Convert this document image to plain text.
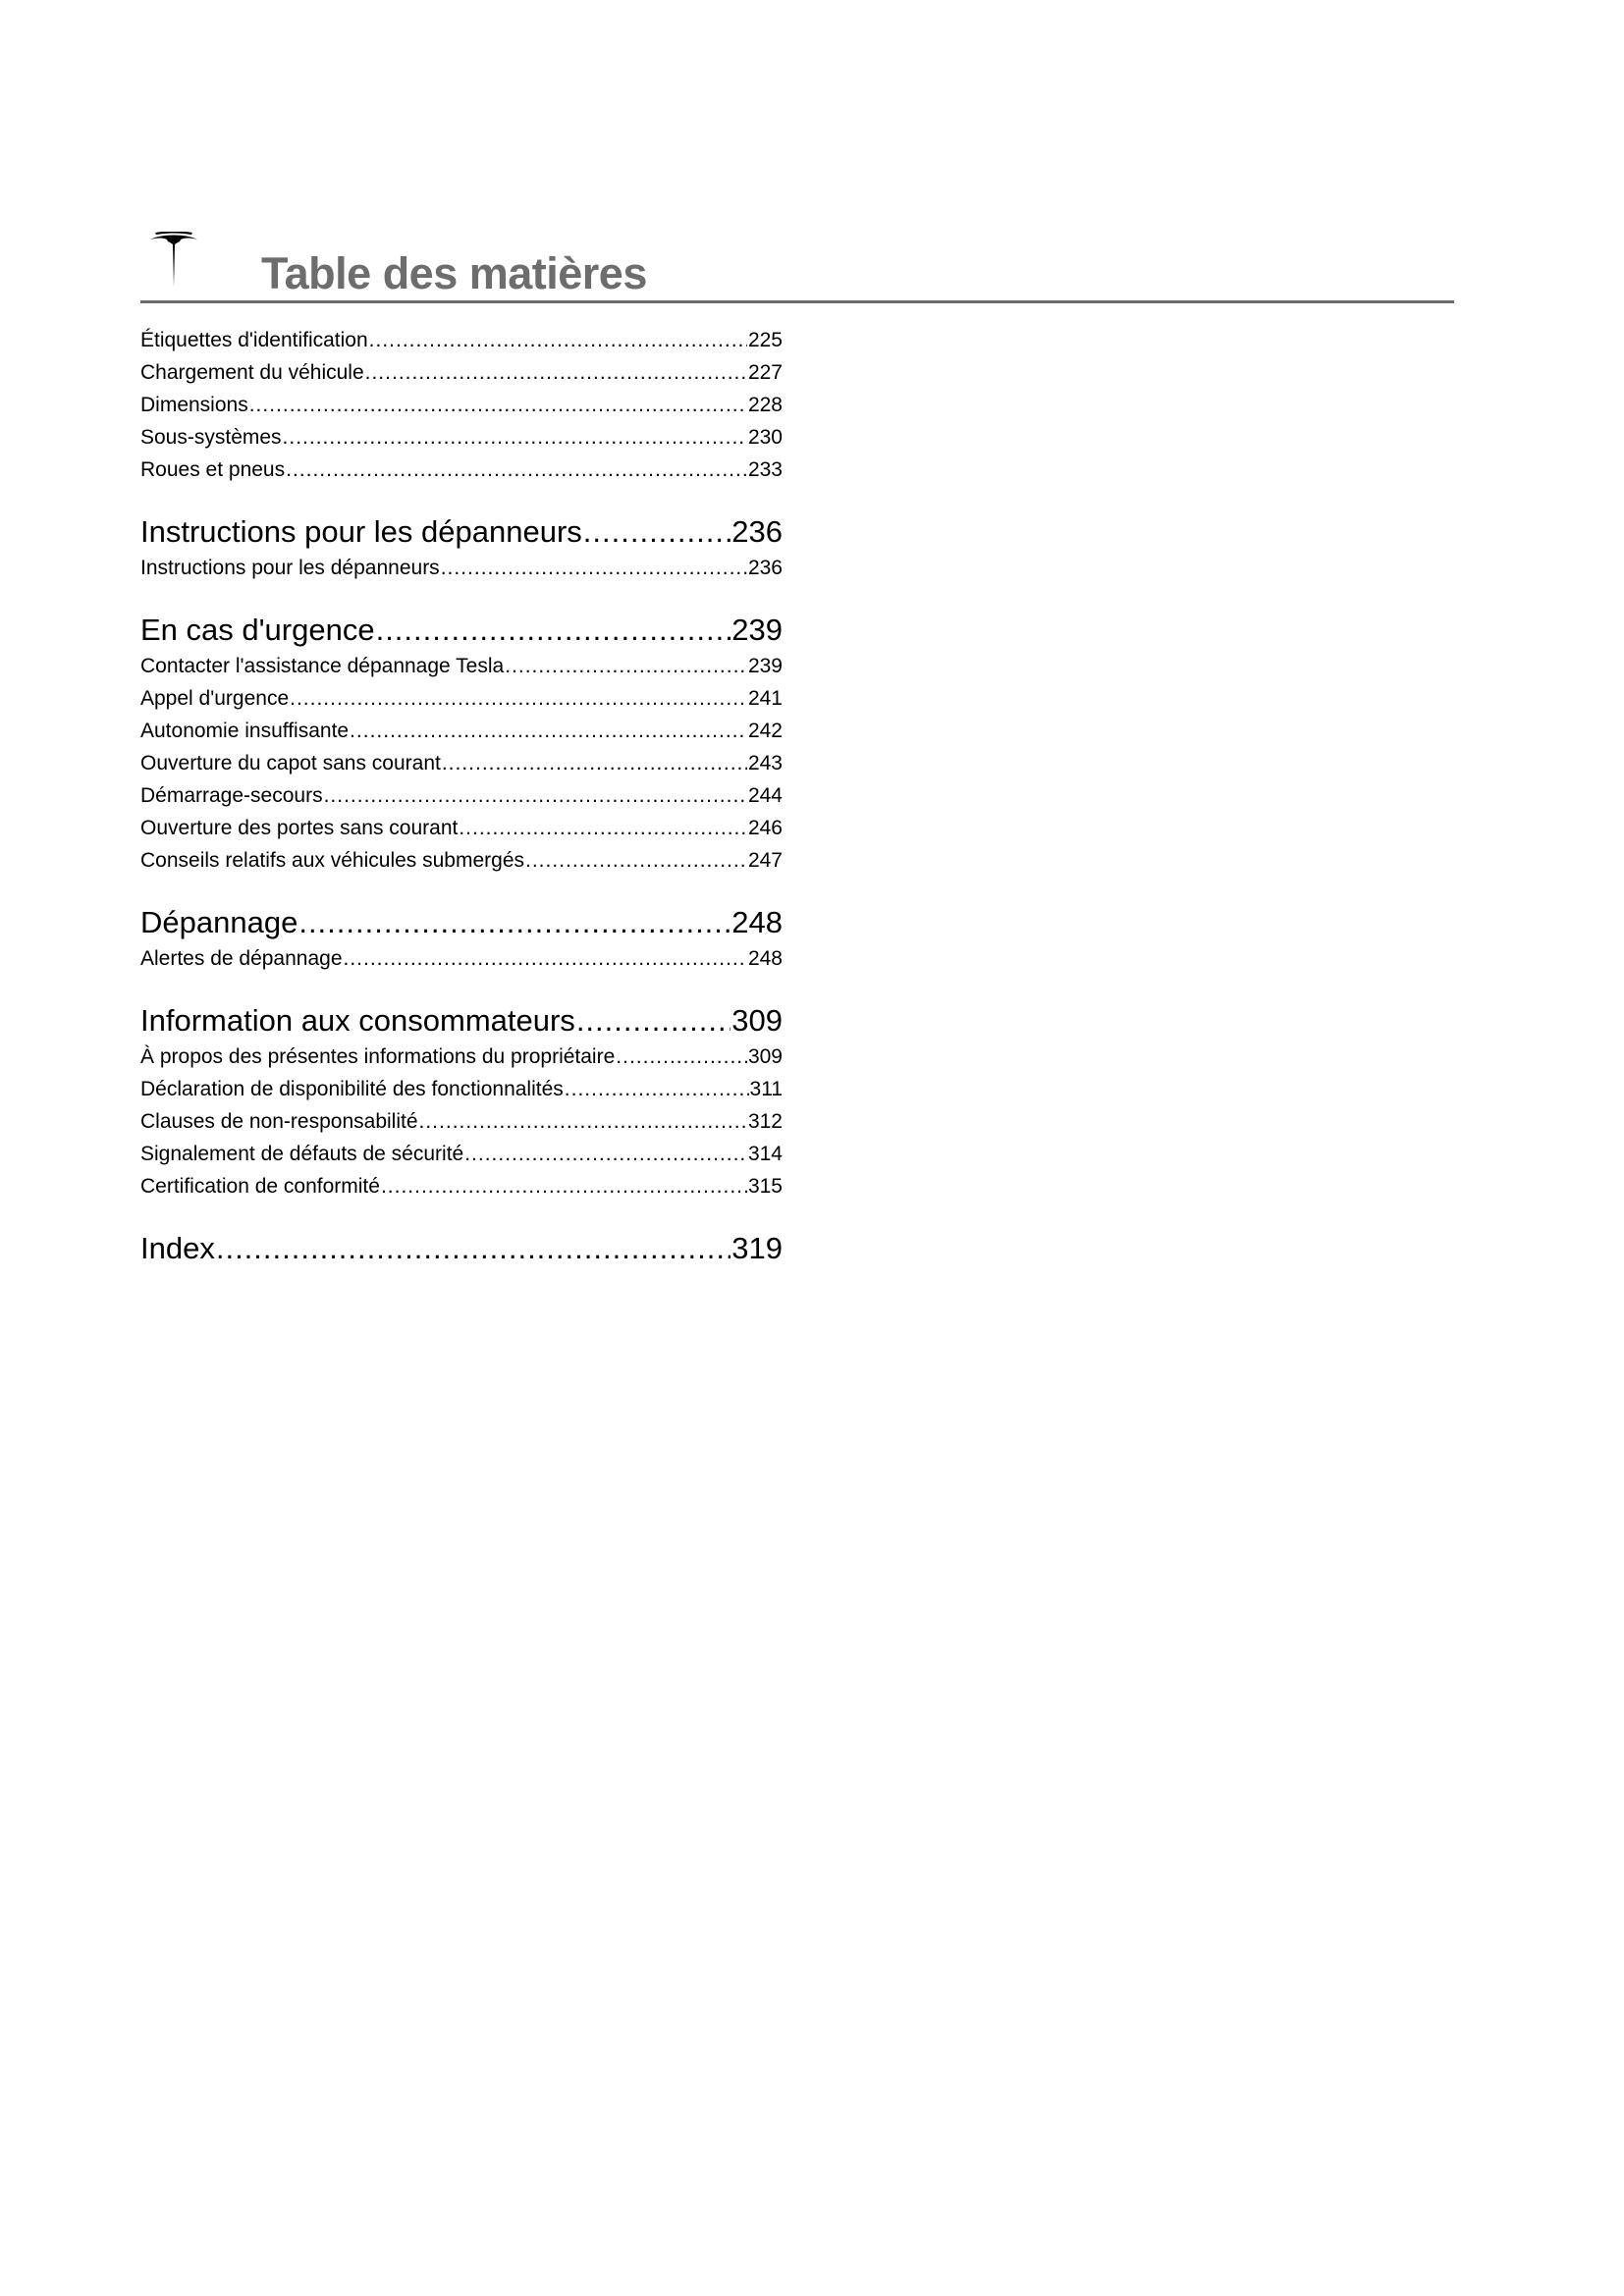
Table des matières
Étiquettes d'identification .....	225
Chargement du véhicule .....	227
Dimensions .....	228
Sous-systèmes .....	230
Roues et pneus .....	233
Instructions pour les dépanneurs .....	236
Instructions pour les dépanneurs .....	236
En cas d'urgence .....	239
Contacter l'assistance dépannage Tesla .....	239
Appel d'urgence .....	241
Autonomie insuffisante .....	242
Ouverture du capot sans courant .....	243
Démarrage-secours .....	244
Ouverture des portes sans courant .....	246
Conseils relatifs aux véhicules submergés .....	247
Dépannage .....	248
Alertes de dépannage .....	248
Information aux consommateurs .....	309
À propos des présentes informations du propriétaire .....	309
Déclaration de disponibilité des fonctionnalités .....	311
Clauses de non-responsabilité .....	312
Signalement de défauts de sécurité .....	314
Certification de conformité .....	315
Index .....	319
